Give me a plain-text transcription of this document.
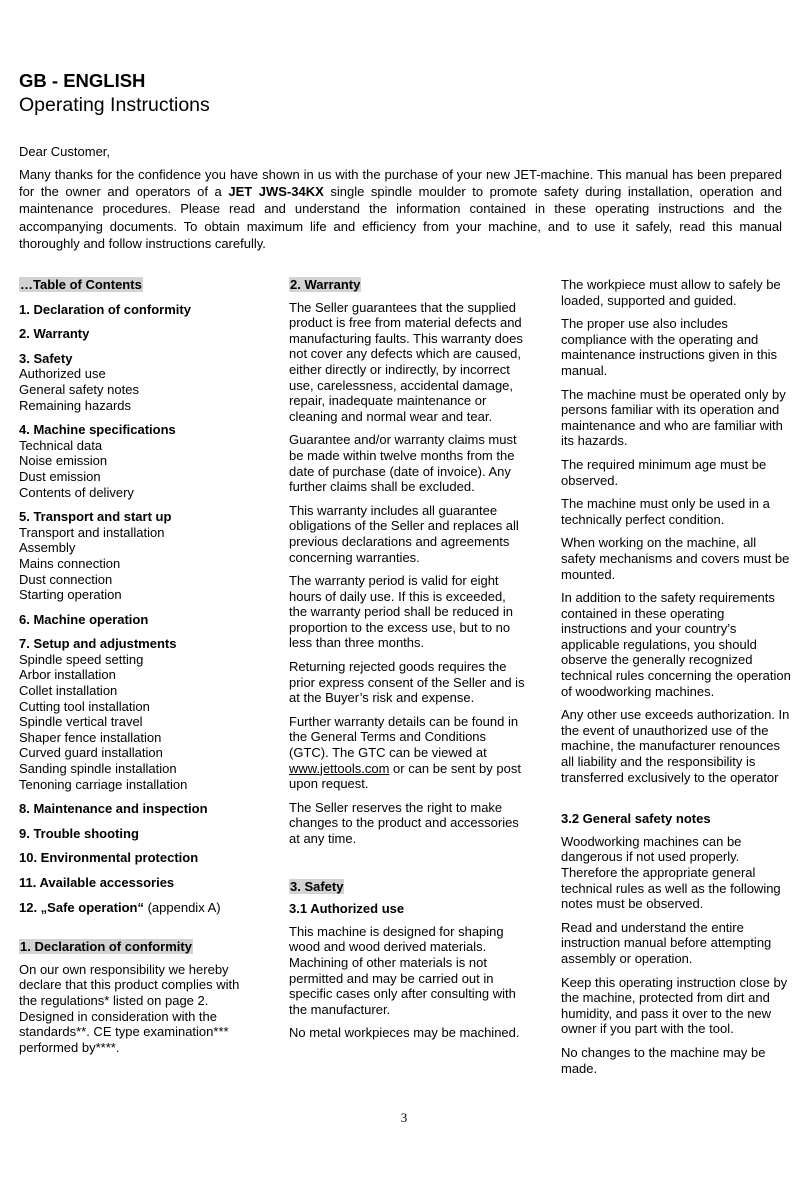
GB - ENGLISH
Operating Instructions
Dear Customer,

Many thanks for the confidence you have shown in us with the purchase of your new JET-machine. This manual has been prepared for the owner and operators of a JET JWS-34KX single spindle moulder to promote safety during installation, operation and maintenance procedures. Please read and understand the information contained in these operating instructions and the accompanying documents. To obtain maximum life and efficiency from your machine, and to use it safely, read this manual thoroughly and follow instructions carefully.

…Table of Contents
1. Declaration of conformity
2. Warranty
3. Safety
Authorized use
General safety notes
Remaining hazards
4. Machine specifications
Technical data
Noise emission
Dust emission
Contents of delivery
5. Transport and start up
Transport and installation
Assembly
Mains connection
Dust connection
Starting operation
6. Machine operation
7. Setup and adjustments
Spindle speed setting
Arbor installation
Collet installation
Cutting tool installation
Spindle vertical travel
Shaper fence installation
Curved guard installation
Sanding spindle installation
Tenoning carriage installation
8. Maintenance and inspection
9. Trouble shooting
10. Environmental protection
11. Available accessories
12. „Safe operation“ (appendix A)
1. Declaration of conformity

On our own responsibility we hereby declare that this product complies with the regulations* listed on page 2. Designed in consideration with the standards**. CE type examination*** performed by****.

2. Warranty

The Seller guarantees that the supplied product is free from material defects and manufacturing faults. This warranty does not cover any defects which are caused, either directly or indirectly, by incorrect use, carelessness, accidental damage, repair, inadequate maintenance or cleaning and normal wear and tear.

Guarantee and/or warranty claims must be made within twelve months from the date of purchase (date of invoice). Any further claims shall be excluded.

This warranty includes all guarantee obligations of the Seller and replaces all previous declarations and agreements concerning warranties.

The warranty period is valid for eight hours of daily use. If this is exceeded, the warranty period shall be reduced in proportion to the excess use, but to no less than three months.

Returning rejected goods requires the prior express consent of the Seller and is at the Buyer’s risk and expense.

Further warranty details can be found in the General Terms and Conditions (GTC). The GTC can be viewed at www.jettools.com or can be sent by post upon request.

The Seller reserves the right to make changes to the product and accessories at any time.

3. Safety
3.1 Authorized use

This machine is designed for shaping wood and wood derived materials. Machining of other materials is not permitted and may be carried out in specific cases only after consulting with the manufacturer.

No metal workpieces may be machined.

The workpiece must allow to safely be loaded, supported and guided.

The proper use also includes compliance with the operating and maintenance instructions given in this manual.

The machine must be operated only by persons familiar with its operation and maintenance and who are familiar with its hazards.

The required minimum age must be observed.

The machine must only be used in a technically perfect condition.

When working on the machine, all safety mechanisms and covers must be mounted.

In addition to the safety requirements contained in these operating instructions and your country’s applicable regulations, you should observe the generally recognized technical rules concerning the operation of woodworking machines.

Any other use exceeds authorization. In the event of unauthorized use of the machine, the manufacturer renounces all liability and the responsibility is transferred exclusively to the operator

3.2 General safety notes

Woodworking machines can be dangerous if not used properly. Therefore the appropriate general technical rules as well as the following notes must be observed.

Read and understand the entire instruction manual before attempting assembly or operation.

Keep this operating instruction close by the machine, protected from dirt and humidity, and pass it over to the new owner if you part with the tool.

No changes to the machine may be made.

3
